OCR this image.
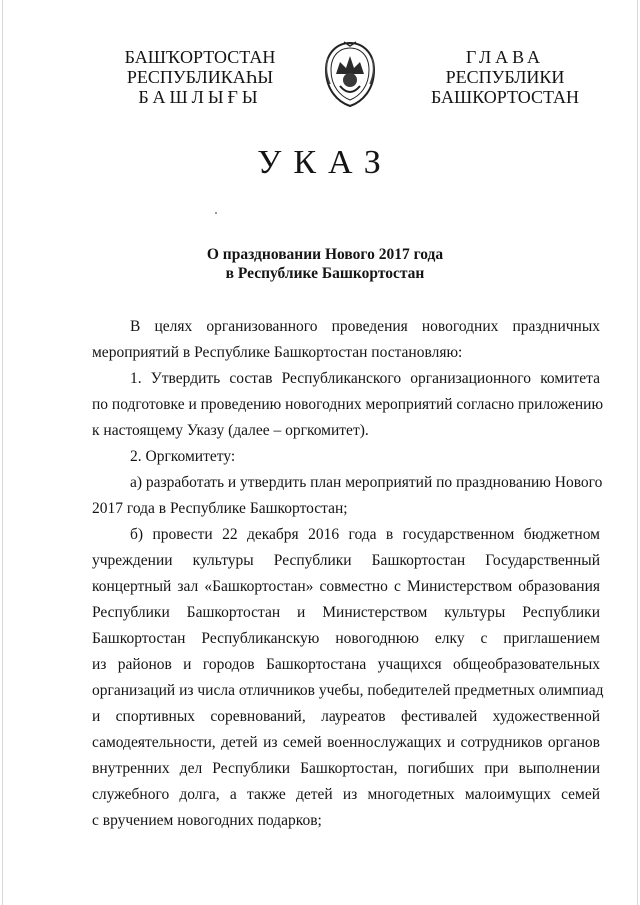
БАШҠОРТОСТАН
РЕСПУБЛИКАҺЫ
БАШЛЫҒЫ
ГЛАВА
РЕСПУБЛИКИ
БАШКОРТОСТАН
УКАЗ
О праздновании Нового 2017 года
в Республике Башкортостан
В целях организованного проведения новогодних праздничных
мероприятий в Республике Башкортостан постановляю:
1. Утвердить состав Республиканского организационного комитета
по подготовке и проведению новогодних мероприятий согласно приложению
к настоящему Указу (далее – оргкомитет).
2. Оргкомитету:
а) разработать и утвердить план мероприятий по празднованию Нового
2017 года в Республике Башкортостан;
б) провести 22 декабря 2016 года в государственном бюджетном
учреждении культуры Республики Башкортостан Государственный
концертный зал «Башкортостан» совместно с Министерством образования
Республики Башкортостан и Министерством культуры Республики
Башкортостан Республиканскую новогоднюю елку с приглашением
из районов и городов Башкортостана учащихся общеобразовательных
организаций из числа отличников учебы, победителей предметных олимпиад
и спортивных соревнований, лауреатов фестивалей художественной
самодеятельности, детей из семей военнослужащих и сотрудников органов
внутренних дел Республики Башкортостан, погибших при выполнении
служебного долга, а также детей из многодетных малоимущих семей
с вручением новогодних подарков;
